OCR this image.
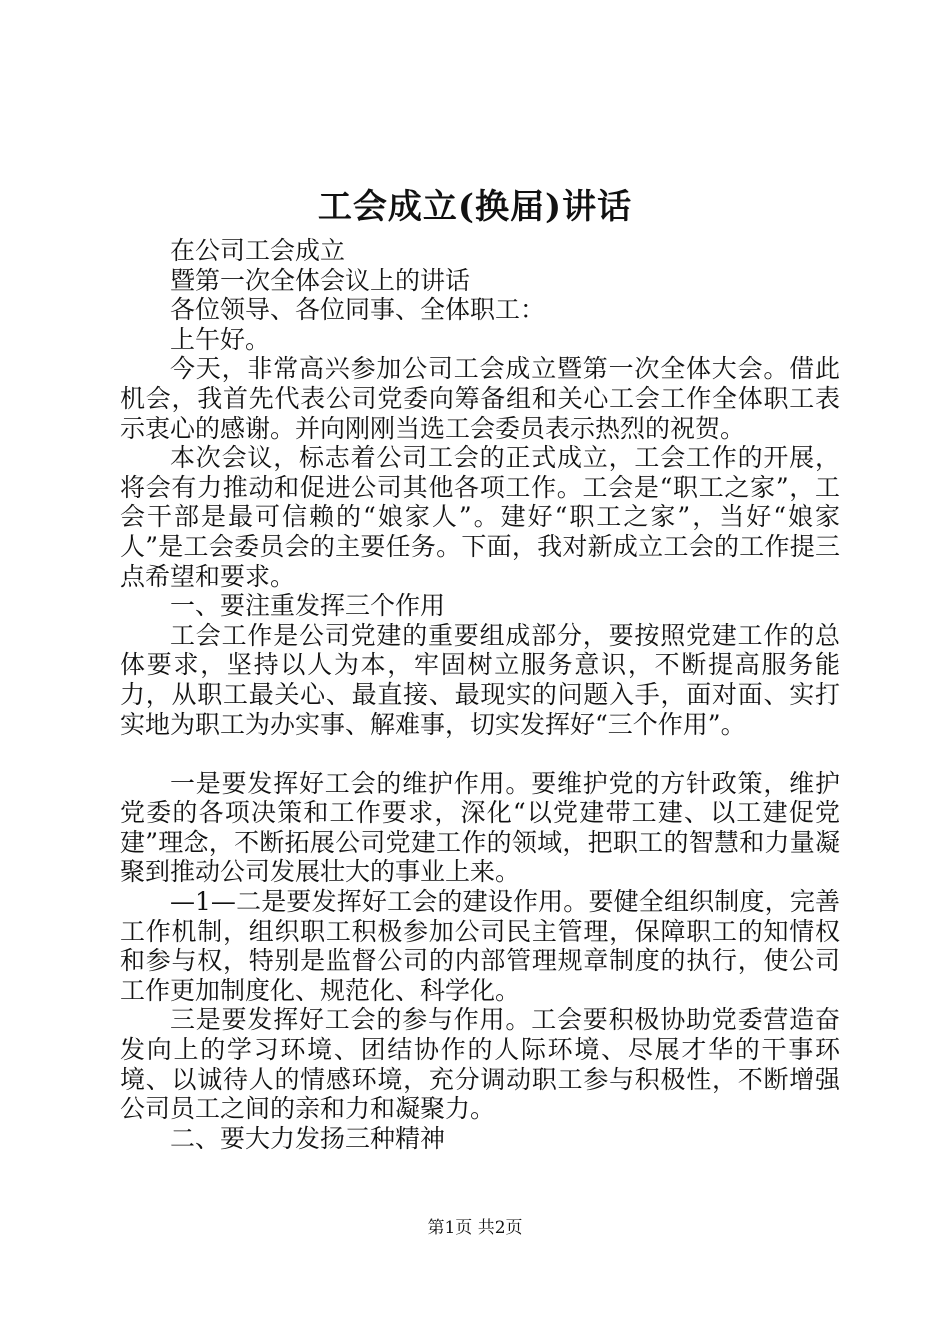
工会成立(换届)讲话

在公司工会成立

暨第一次全体会议上的讲话

各位领导、各位同事、全体职工：

上午好。

今天，非常高兴参加公司工会成立暨第一次全体大会。借此机会，我首先代表公司党委向筹备组和关心工会工作全体职工表示衷心的感谢。并向刚刚当选工会委员表示热烈的祝贺。

本次会议，标志着公司工会的正式成立，工会工作的开展，将会有力推动和促进公司其他各项工作。工会是“职工之家”，工会干部是最可信赖的“娘家人”。建好“职工之家”，当好“娘家人”是工会委员会的主要任务。下面，我对新成立工会的工作提三点希望和要求。

一、要注重发挥三个作用

工会工作是公司党建的重要组成部分，要按照党建工作的总体要求，坚持以人为本，牢固树立服务意识，不断提高服务能力，从职工最关心、最直接、最现实的问题入手，面对面、实打实地为职工为办实事、解难事，切实发挥好“三个作用”。

一是要发挥好工会的维护作用。要维护党的方针政策，维护党委的各项决策和工作要求，深化“以党建带工建、以工建促党建”理念，不断拓展公司党建工作的领域，把职工的智慧和力量凝聚到推动公司发展壮大的事业上来。

—1—二是要发挥好工会的建设作用。要健全组织制度，完善工作机制，组织职工积极参加公司民主管理，保障职工的知情权和参与权，特别是监督公司的内部管理规章制度的执行，使公司工作更加制度化、规范化、科学化。

三是要发挥好工会的参与作用。工会要积极协助党委营造奋发向上的学习环境、团结协作的人际环境、尽展才华的干事环境、以诚待人的情感环境，充分调动职工参与积极性，不断增强公司员工之间的亲和力和凝聚力。

二、要大力发扬三种精神

第1页 共2页
